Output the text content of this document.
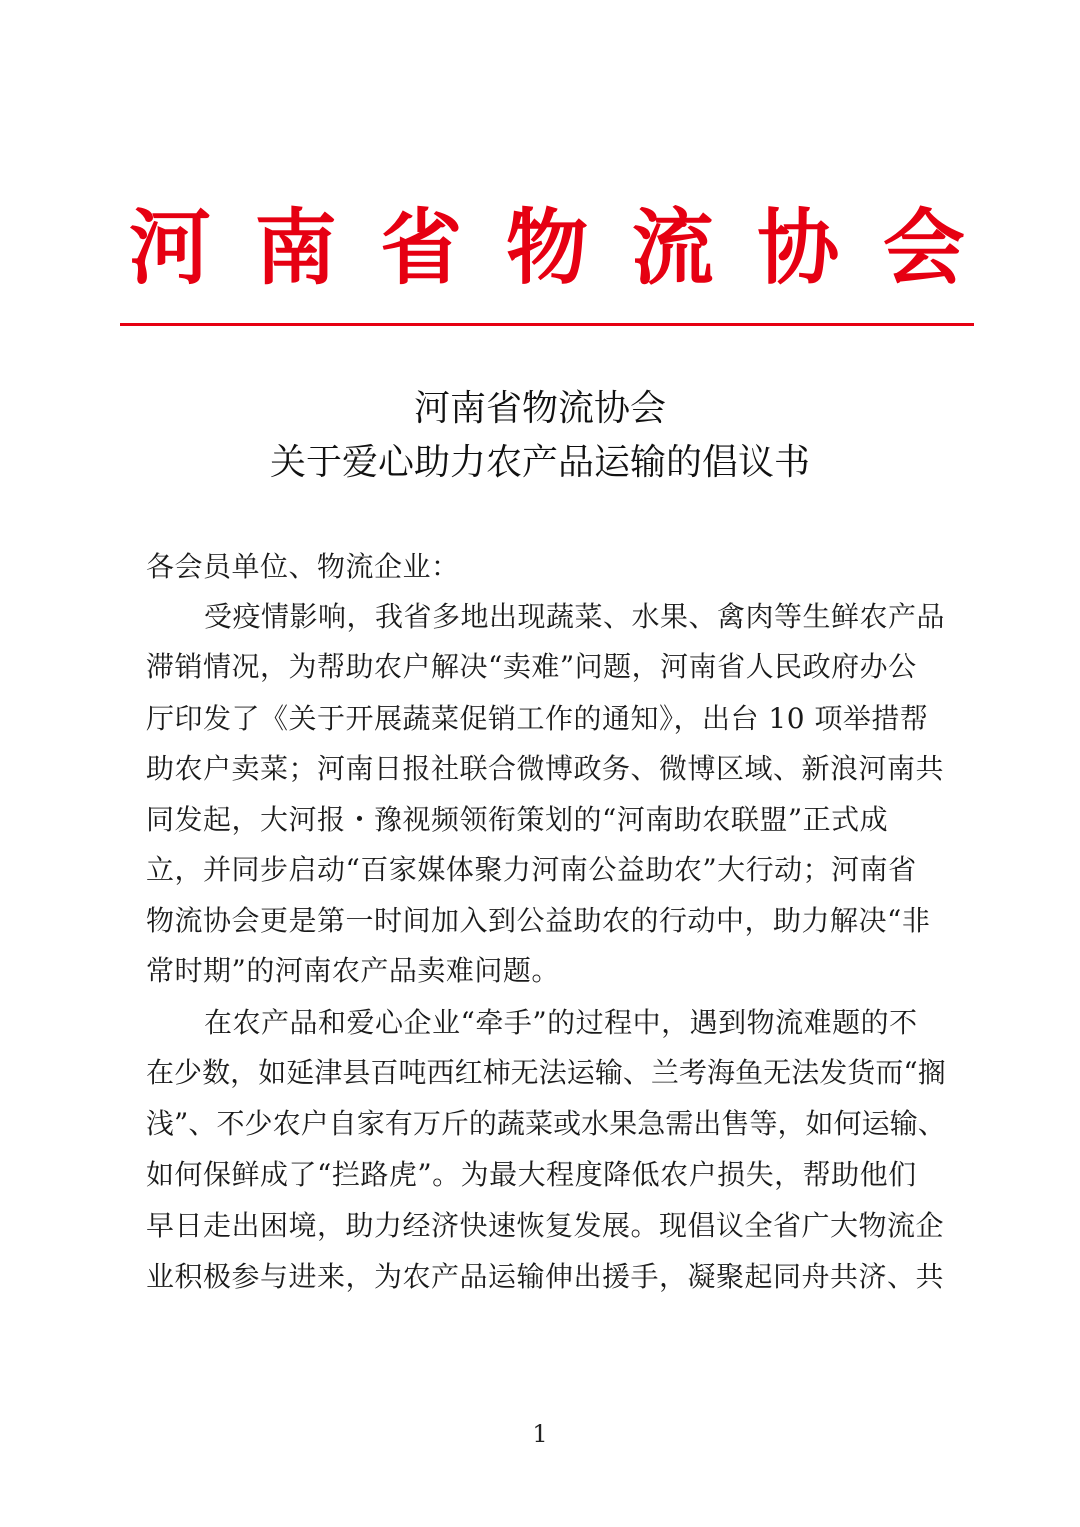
河 南 省 物 流 协 会
河南省物流协会
关于爱心助力农产品运输的倡议书
各会员单位、物流企业：
受疫情影响，我省多地出现蔬菜、水果、禽肉等生鲜农产品
滞销情况，为帮助农户解决“卖难”问题，河南省人民政府办公
厅印发了《关于开展蔬菜促销工作的通知》，出台 10 项举措帮
助农户卖菜；河南日报社联合微博政务、微博区域、新浪河南共
同发起，大河报・豫视频领衔策划的“河南助农联盟”正式成
立，并同步启动“百家媒体聚力河南公益助农”大行动；河南省
物流协会更是第一时间加入到公益助农的行动中，助力解决“非
常时期”的河南农产品卖难问题。
在农产品和爱心企业“牵手”的过程中，遇到物流难题的不
在少数，如延津县百吨西红柿无法运输、兰考海鱼无法发货而“搁
浅”、不少农户自家有万斤的蔬菜或水果急需出售等，如何运输、
如何保鲜成了“拦路虎”。为最大程度降低农户损失，帮助他们
早日走出困境，助力经济快速恢复发展。现倡议全省广大物流企
业积极参与进来，为农产品运输伸出援手，凝聚起同舟共济、共
1
